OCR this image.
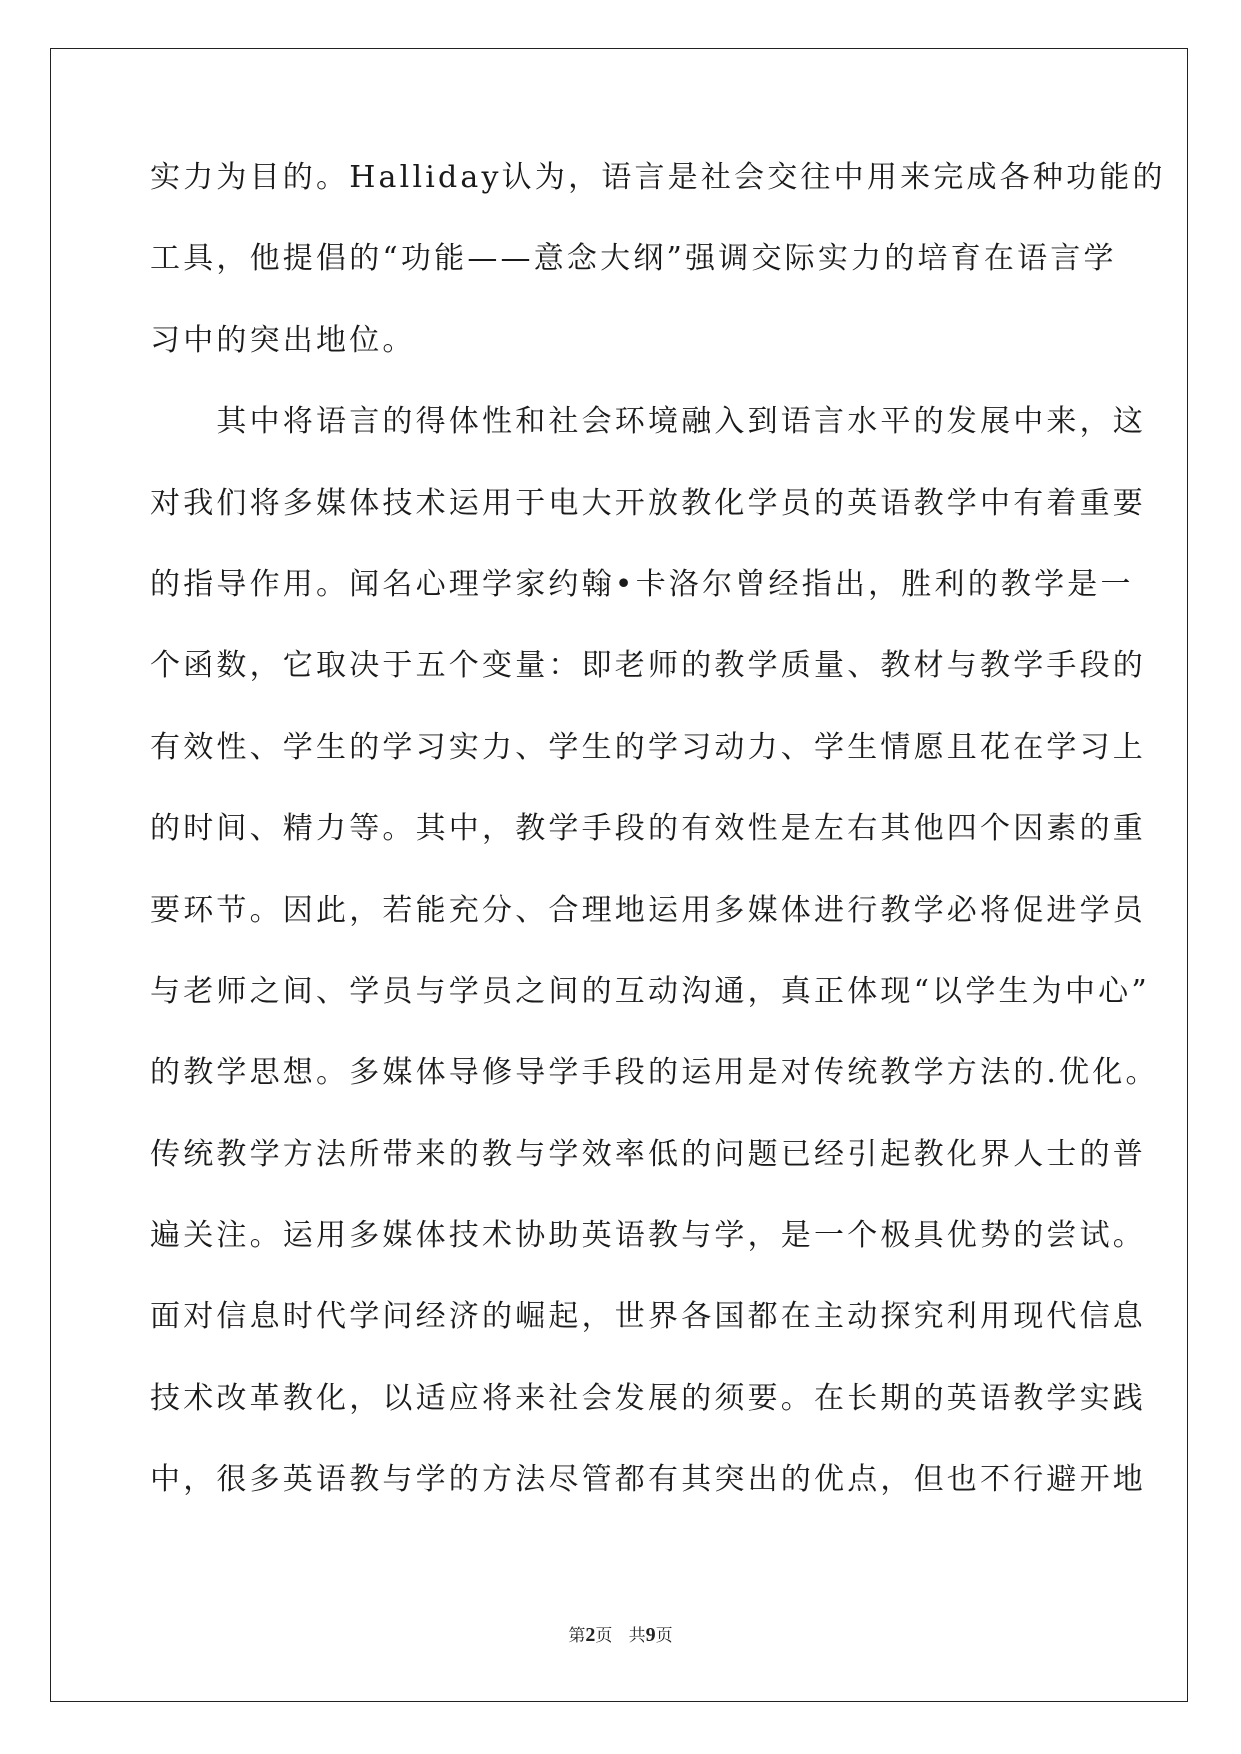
实力为目的。Halliday认为，语言是社会交往中用来完成各种功能的
工具，他提倡的“功能——意念大纲”强调交际实力的培育在语言学
习中的突出地位。
　　其中将语言的得体性和社会环境融入到语言水平的发展中来，这
对我们将多媒体技术运用于电大开放教化学员的英语教学中有着重要
的指导作用。闻名心理学家约翰•卡洛尔曾经指出，胜利的教学是一
个函数，它取决于五个变量：即老师的教学质量、教材与教学手段的
有效性、学生的学习实力、学生的学习动力、学生情愿且花在学习上
的时间、精力等。其中，教学手段的有效性是左右其他四个因素的重
要环节。因此，若能充分、合理地运用多媒体进行教学必将促进学员
与老师之间、学员与学员之间的互动沟通，真正体现“以学生为中心”
的教学思想。多媒体导修导学手段的运用是对传统教学方法的.优化。
传统教学方法所带来的教与学效率低的问题已经引起教化界人士的普
遍关注。运用多媒体技术协助英语教与学，是一个极具优势的尝试。
面对信息时代学问经济的崛起，世界各国都在主动探究利用现代信息
技术改革教化，以适应将来社会发展的须要。在长期的英语教学实践
中，很多英语教与学的方法尽管都有其突出的优点，但也不行避开地
第2页 共9页
